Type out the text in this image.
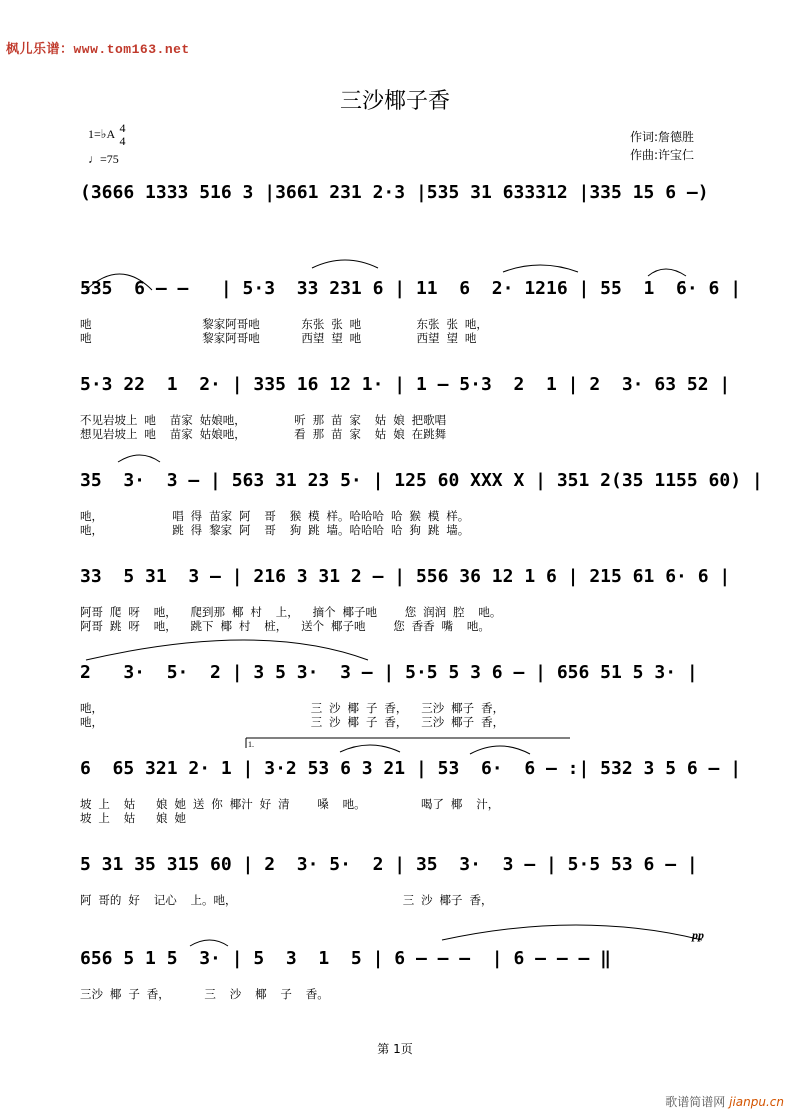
枫儿乐谱：www.tom163.net
三沙椰子香
1=♭A 4
4
♩=75
作词:詹德胜
作曲:许宝仁
(3666 1333 516 3 |3661 231 2·3 |535 31 633312 |335 15 6 –)
535  6 – –   | 5·3  33 231 6 | 11  6  2· 1216 | 55  1  6· 6 |
吔                黎家阿哥吔      东张 张 吔        东张 张 吔，
吔                黎家阿哥吔      西望 望 吔        西望 望 吔
5·3 22  1  2· | 335 16 12 1· | 1 – 5·3  2  1 | 2  3· 63 52 |
不见岩坡上 吔  苗家 姑娘吔，       听 那 苗 家  姑 娘 把歌唱
想见岩坡上 吔  苗家 姑娘吔，       看 那 苗 家  姑 娘 在跳舞
35  3·  3 – | 563 31 23 5· | 125 60 XXX X | 351 2(35 1155 60) |
吔，          唱 得 苗家 阿  哥  猴 模 样。哈哈哈 哈 猴 模 样。
吔，          跳 得 黎家 阿  哥  狗 跳 墙。哈哈哈 哈 狗 跳 墙。
33  5 31  3 – | 216 3 31 2 – | 556 36 12 1 6 | 215 61 6· 6 |
阿哥 爬 呀  吔，  爬到那 椰 村  上，  摘个 椰子吔    您 润润 腔  吔。
阿哥 跳 呀  吔，  跳下 椰 村  桩，  送个 椰子吔    您 香香 嘴  吔。
2   3·  5·  2 | 3 5 3·  3 – | 5·5 5 3 6 – | 656 51 5 3· |
吔，                              三 沙 椰 子 香，  三沙 椰子 香，
吔，                              三 沙 椰 子 香，  三沙 椰子 香，
6  65 321 2· 1 | 3·2 53 6 3 21 | 53  6·  6 – :| 532 3 5 6 – |
坡 上  姑   娘 她 送 你 椰汁 好 清    嗓  吔。        喝了 椰  汁，
坡 上  姑   娘 她
5 31 35 315 60 | 2  3· 5·  2 | 35  3·  3 – | 5·5 53 6 – |
阿 哥的 好  记心  上。吔，                        三 沙 椰子 香，
656 5 1 5  3· | 5  3  1  5 | 6 – – –  | 6 – – – ‖
三沙 椰 子 香，     三  沙  椰  子  香。
pp
1.
第 1页
歌谱简谱网 jianpu.cn
